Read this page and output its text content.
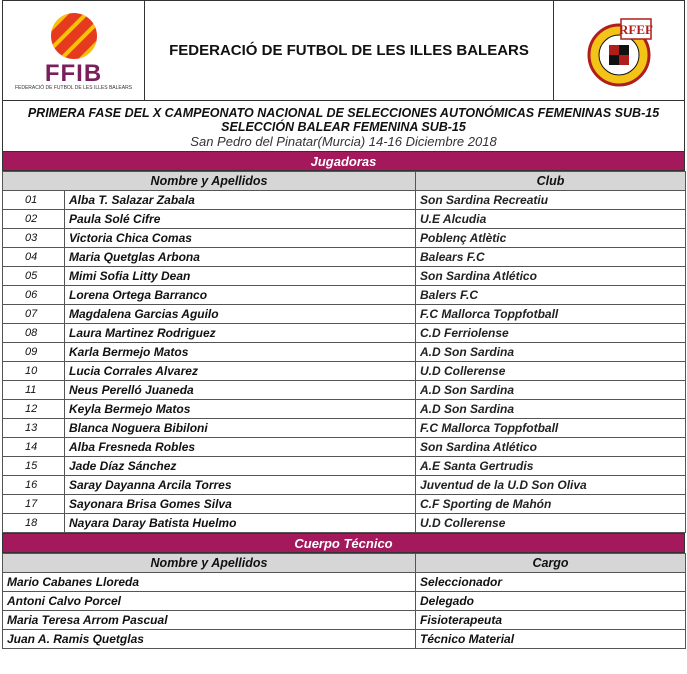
FFIB
FEDERACIÓ DE FUTBOL DE LES ILLES BALEARS
FEDERACIÓ DE FUTBOL DE LES ILLES BALEARS
RFEF
PRIMERA FASE DEL X CAMPEONATO NACIONAL DE SELECCIONES AUTONÓMICAS FEMENINAS SUB-15
SELECCIÓN BALEAR FEMENINA SUB-15
San Pedro del Pinatar(Murcia) 14-16 Diciembre 2018
Jugadoras
Nombre y Apellidos		Club
01	Alba T. Salazar Zabala	Son Sardina Recreatiu
02	Paula Solé Cifre	U.E Alcudia
03	Victoria Chica Comas	Poblenç Atlètic
04	Maria Quetglas Arbona	Balears F.C
05	Mimi Sofia Litty Dean	Son Sardina Atlético
06	Lorena Ortega Barranco	Balers F.C
07	Magdalena Garcias Aguilo	F.C Mallorca Toppfotball
08	Laura Martinez Rodriguez	C.D Ferriolense
09	Karla Bermejo Matos	A.D Son Sardina
10	Lucia Corrales Alvarez	U.D Collerense
11	Neus Perelló Juaneda	A.D Son Sardina
12	Keyla Bermejo Matos	A.D Son Sardina
13	Blanca Noguera Bibiloni	F.C Mallorca Toppfotball
14	Alba Fresneda Robles	Son Sardina Atlético
15	Jade Díaz Sánchez	A.E Santa Gertrudis
16	Saray Dayanna Arcila Torres	Juventud de la U.D Son Oliva
17	Sayonara Brisa Gomes Silva	C.F Sporting de Mahón
18	Nayara Daray Batista Huelmo	U.D Collerense
Cuerpo Técnico
Nombre y Apellidos	Cargo
Mario Cabanes Lloreda	Seleccionador
Antoni Calvo Porcel	Delegado
Maria Teresa Arrom Pascual	Fisioterapeuta
Juan A. Ramis Quetglas	Técnico Material
